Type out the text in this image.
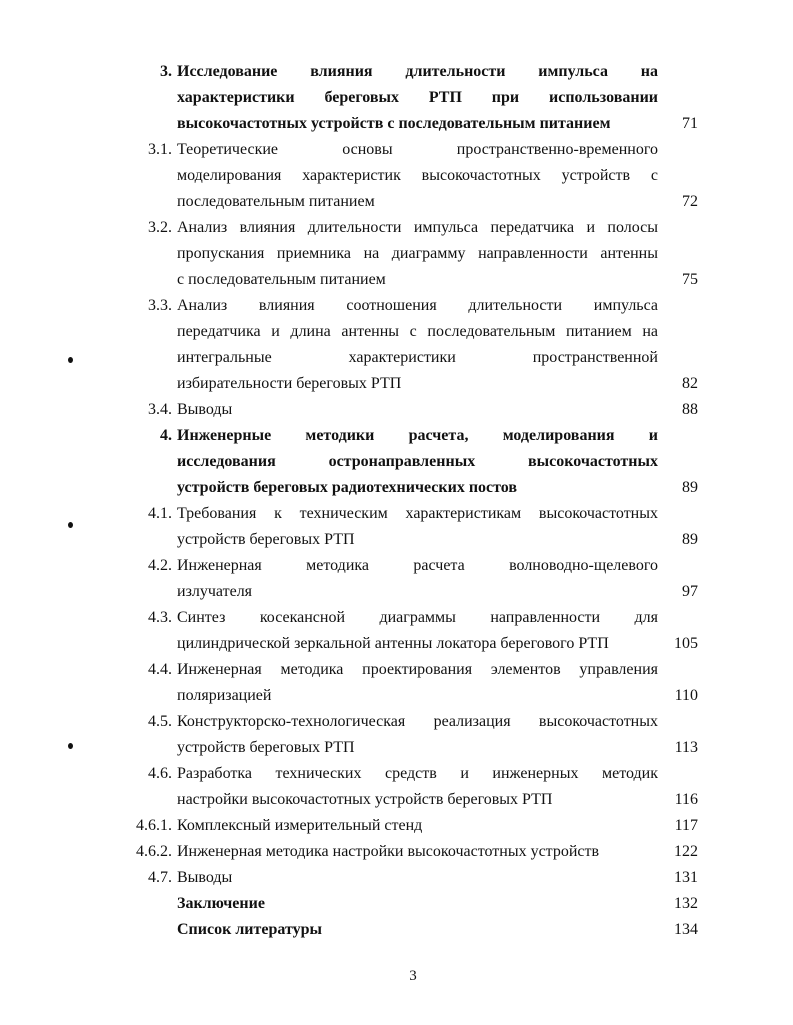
3. Исследование влияния длительности импульса на
характеристики береговых РТП при использовании
высокочастотных устройств с последовательным питанием	71
3.1. Теоретические основы пространственно-временного
моделирования характеристик высокочастотных устройств с
последовательным питанием	72
3.2. Анализ влияния длительности импульса передатчика и полосы
пропускания приемника на диаграмму направленности антенны
с последовательным питанием	75
3.3. Анализ влияния соотношения длительности импульса
передатчика и длина антенны с последовательным питанием на
интегральные характеристики пространственной
избирательности береговых РТП	82
3.4. Выводы	88
4. Инженерные методики расчета, моделирования и
исследования остронаправленных высокочастотных
устройств береговых радиотехнических постов	89
4.1. Требования к техническим характеристикам высокочастотных
устройств береговых РТП	89
4.2. Инженерная методика расчета волноводно-щелевого
излучателя	97
4.3. Синтез косекансной диаграммы направленности для
цилиндрической зеркальной антенны локатора берегового РТП	105
4.4. Инженерная методика проектирования элементов управления
поляризацией	110
4.5. Конструкторско-технологическая реализация высокочастотных
устройств береговых РТП	113
4.6. Разработка технических средств и инженерных методик
настройки высокочастотных устройств береговых РТП	116
4.6.1. Комплексный измерительный стенд	117
4.6.2. Инженерная методика настройки высокочастотных устройств	122
4.7. Выводы	131
Заключение	132
Список литературы	134
3
